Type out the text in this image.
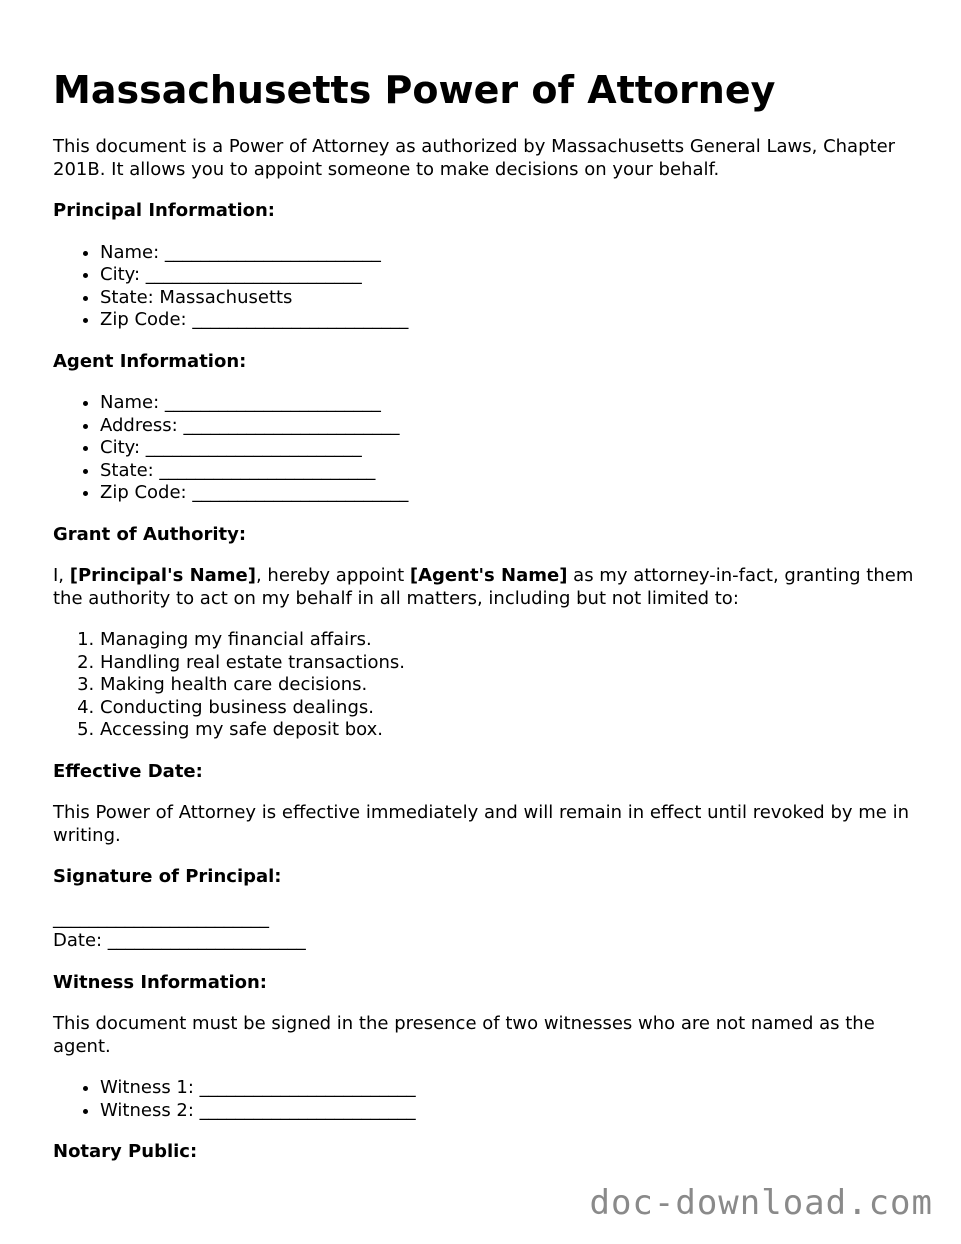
Massachusetts Power of Attorney

This document is a Power of Attorney as authorized by Massachusetts General Laws, Chapter 201B. It allows you to appoint someone to make decisions on your behalf.

Principal Information:
• Name: ________________________
• City: ________________________
• State: Massachusetts
• Zip Code: ________________________
Agent Information:
• Name: ________________________
• Address: ________________________
• City: ________________________
• State: ________________________
• Zip Code: ________________________
Grant of Authority:

I, [Principal's Name], hereby appoint [Agent's Name] as my attorney-in-fact, granting them the authority to act on my behalf in all matters, including but not limited to:

1. Managing my financial affairs.
2. Handling real estate transactions.
3. Making health care decisions.
4. Conducting business dealings.
5. Accessing my safe deposit box.
Effective Date:

This Power of Attorney is effective immediately and will remain in effect until revoked by me in writing.

Signature of Principal:
________________________
Date: ______________________
Witness Information:

This document must be signed in the presence of two witnesses who are not named as the agent.

• Witness 1: ________________________
• Witness 2: ________________________
Notary Public:
doc-download.com
